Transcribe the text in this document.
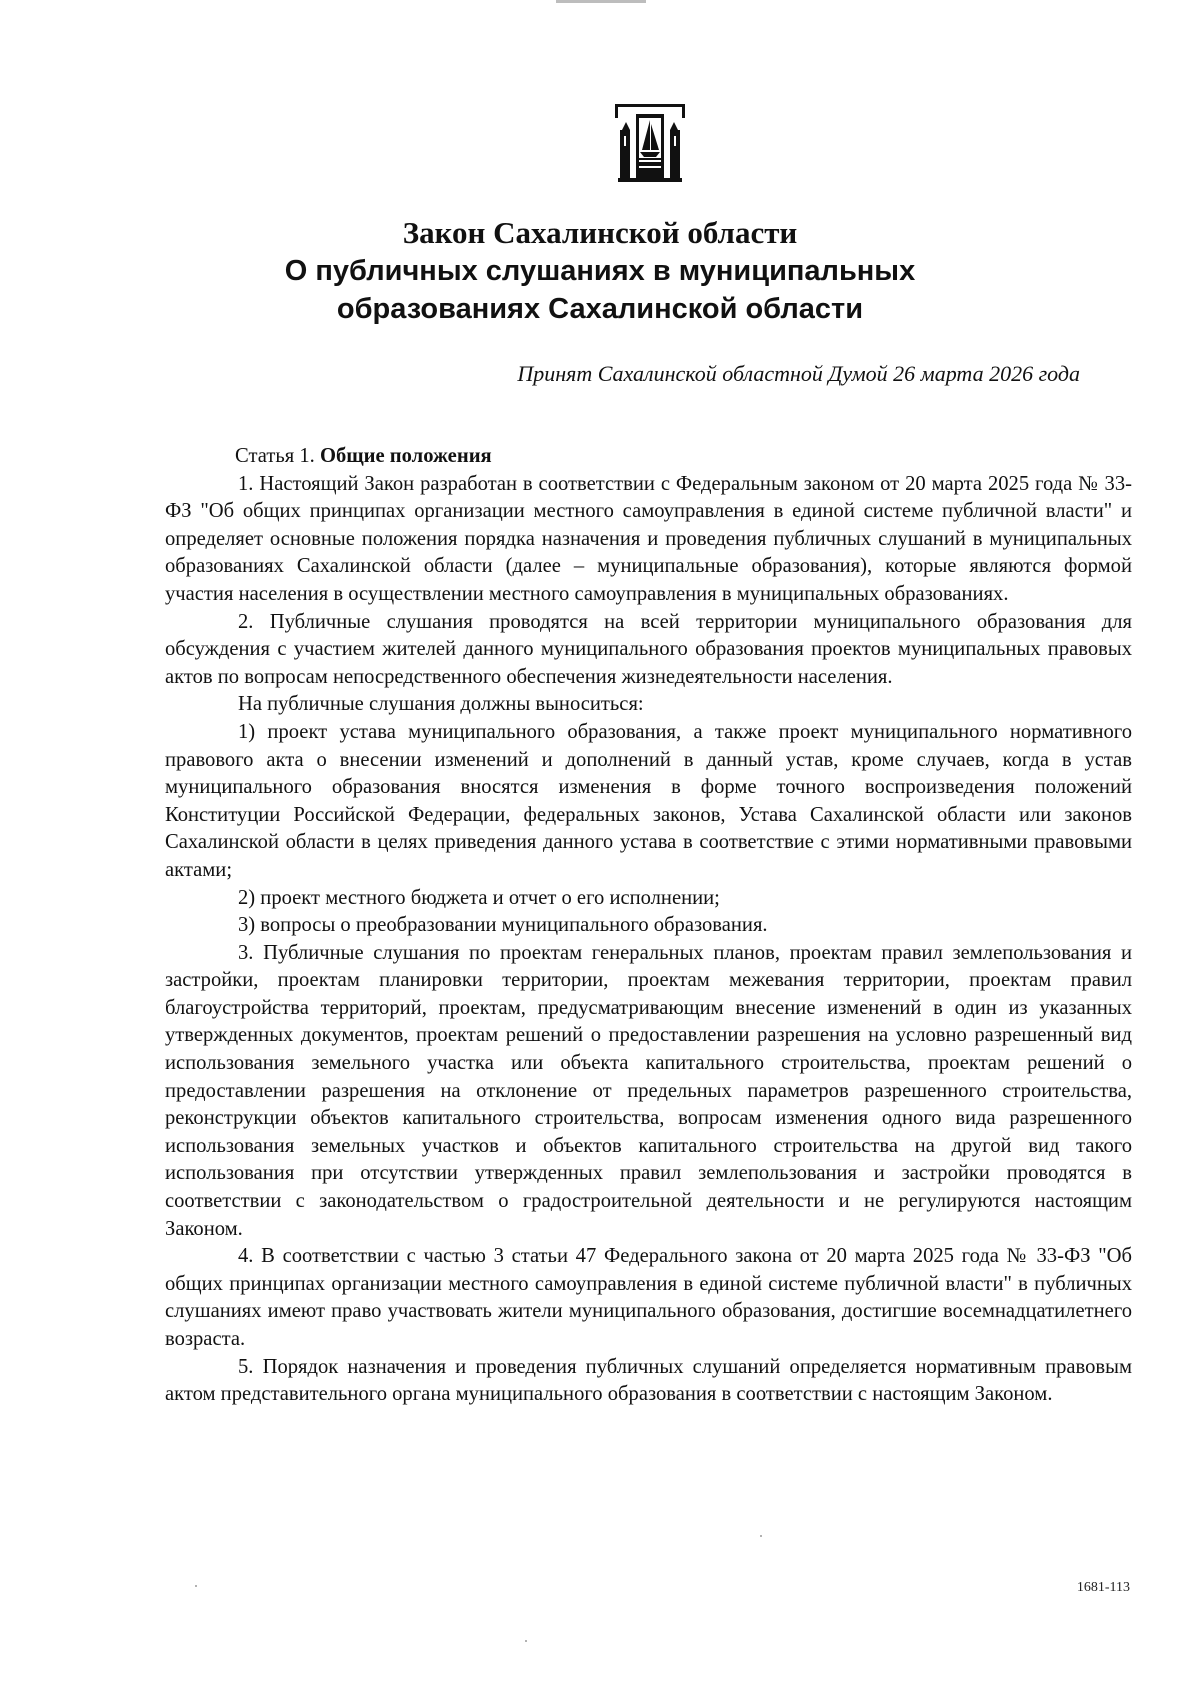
Закон Сахалинской области
О публичных слушаниях в муниципальных
образованиях Сахалинской области
Принят Сахалинской областной Думой 26 марта 2026 года

Статья 1. Общие положения

1. Настоящий Закон разработан в соответствии с Федеральным законом от 20 марта 2025 года № 33-ФЗ "Об общих принципах организации местного самоуправления в единой системе публичной власти" и определяет основные положения порядка назначения и проведения публичных слушаний в муниципальных образованиях Сахалинской области (далее – муниципальные образования), которые являются формой участия населения в осуществлении местного самоуправления в муниципальных образованиях.

2. Публичные слушания проводятся на всей территории муниципального образования для обсуждения с участием жителей данного муниципального образования проектов муниципальных правовых актов по вопросам непосредственного обеспечения жизнедеятельности населения.

На публичные слушания должны выноситься:

1) проект устава муниципального образования, а также проект муниципального нормативного правового акта о внесении изменений и дополнений в данный устав, кроме случаев, когда в устав муниципального образования вносятся изменения в форме точного воспроизведения положений Конституции Российской Федерации, федеральных законов, Устава Сахалинской области или законов Сахалинской области в целях приведения данного устава в соответствие с этими нормативными правовыми актами;

2) проект местного бюджета и отчет о его исполнении;

3) вопросы о преобразовании муниципального образования.

3. Публичные слушания по проектам генеральных планов, проектам правил землепользования и застройки, проектам планировки территории, проектам межевания территории, проектам правил благоустройства территорий, проектам, предусматривающим внесение изменений в один из указанных утвержденных документов, проектам решений о предоставлении разрешения на условно разрешенный вид использования земельного участка или объекта капитального строительства, проектам решений о предоставлении разрешения на отклонение от предельных параметров разрешенного строительства, реконструкции объектов капитального строительства, вопросам изменения одного вида разрешенного использования земельных участков и объектов капитального строительства на другой вид такого использования при отсутствии утвержденных правил землепользования и застройки проводятся в соответствии с законодательством о градостроительной деятельности и не регулируются настоящим Законом.

4. В соответствии с частью 3 статьи 47 Федерального закона от 20 марта 2025 года № 33-ФЗ "Об общих принципах организации местного самоуправления в единой системе публичной власти" в публичных слушаниях имеют право участвовать жители муниципального образования, достигшие восемнадцатилетнего возраста.

5. Порядок назначения и проведения публичных слушаний определяется нормативным правовым актом представительного органа муниципального образования в соответствии с настоящим Законом.

1681-113
